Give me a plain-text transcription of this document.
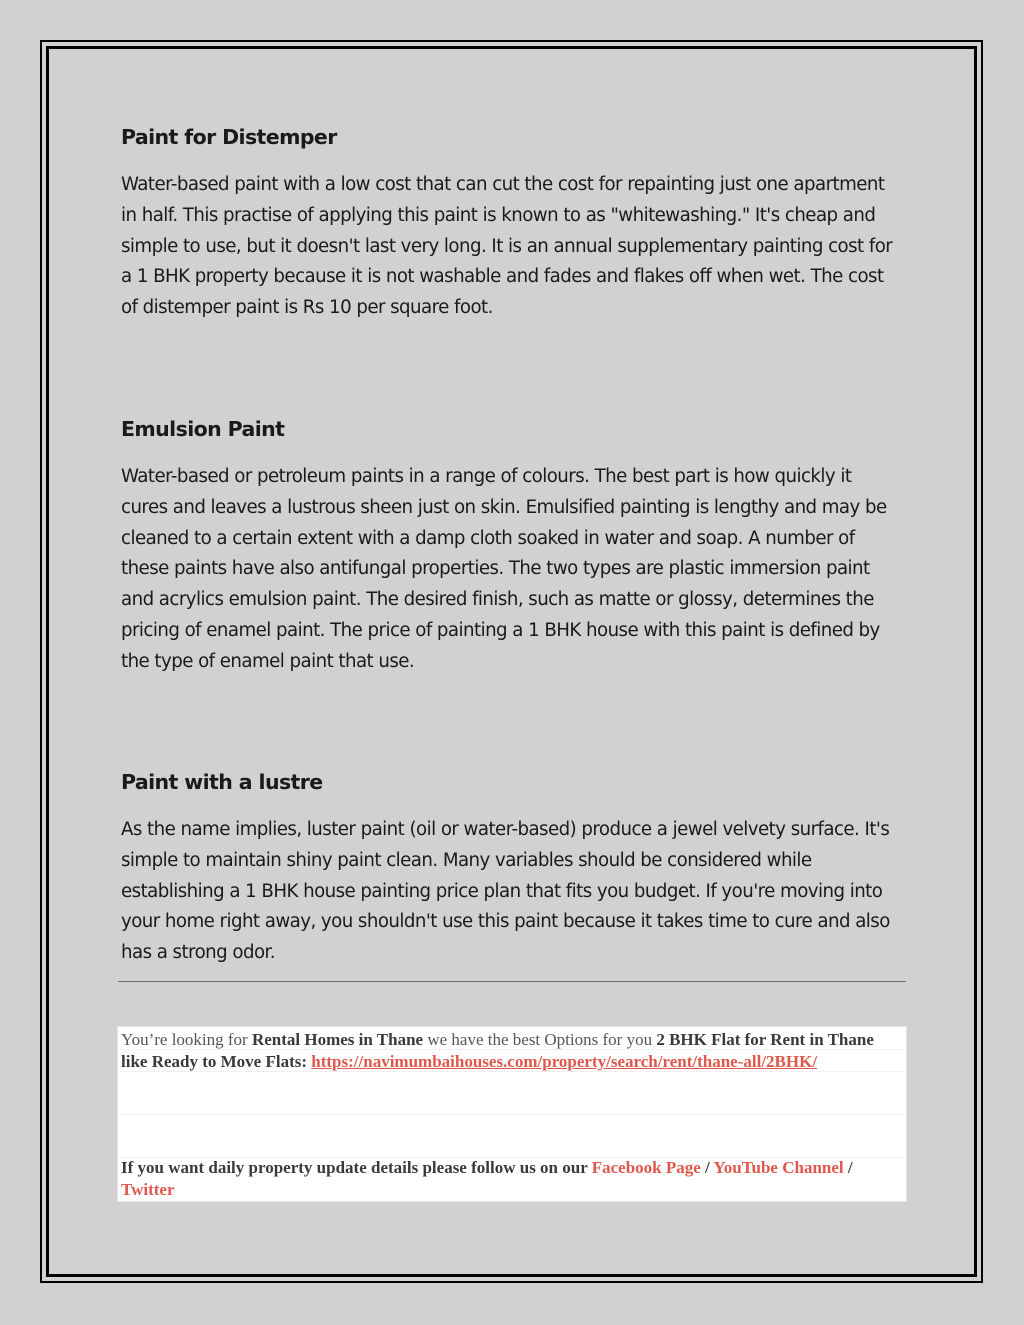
Paint for Distemper

Water-based paint with a low cost that can cut the cost for repainting just one apartment in half. This practise of applying this paint is known to as "whitewashing." It's cheap and simple to use, but it doesn't last very long. It is an annual supplementary painting cost for a 1 BHK property because it is not washable and fades and flakes off when wet. The cost of distemper paint is Rs 10 per square foot.

Emulsion Paint

Water-based or petroleum paints in a range of colours. The best part is how quickly it cures and leaves a lustrous sheen just on skin. Emulsified painting is lengthy and may be cleaned to a certain extent with a damp cloth soaked in water and soap. A number of these paints have also antifungal properties. The two types are plastic immersion paint and acrylics emulsion paint. The desired finish, such as matte or glossy, determines the pricing of enamel paint. The price of painting a 1 BHK house with this paint is defined by the type of enamel paint that use.

Paint with a lustre

As the name implies, luster paint (oil or water-based) produce a jewel velvety surface. It's simple to maintain shiny paint clean. Many variables should be considered while establishing a 1 BHK house painting price plan that fits you budget. If you're moving into your home right away, you shouldn't use this paint because it takes time to cure and also has a strong odor.

You’re looking for Rental Homes in Thane we have the best Options for you 2 BHK Flat for Rent in Thane like Ready to Move Flats: https://navimumbaihouses.com/property/search/rent/thane-all/2BHK/
If you want daily property update details please follow us on our Facebook Page / YouTube Channel / Twitter
